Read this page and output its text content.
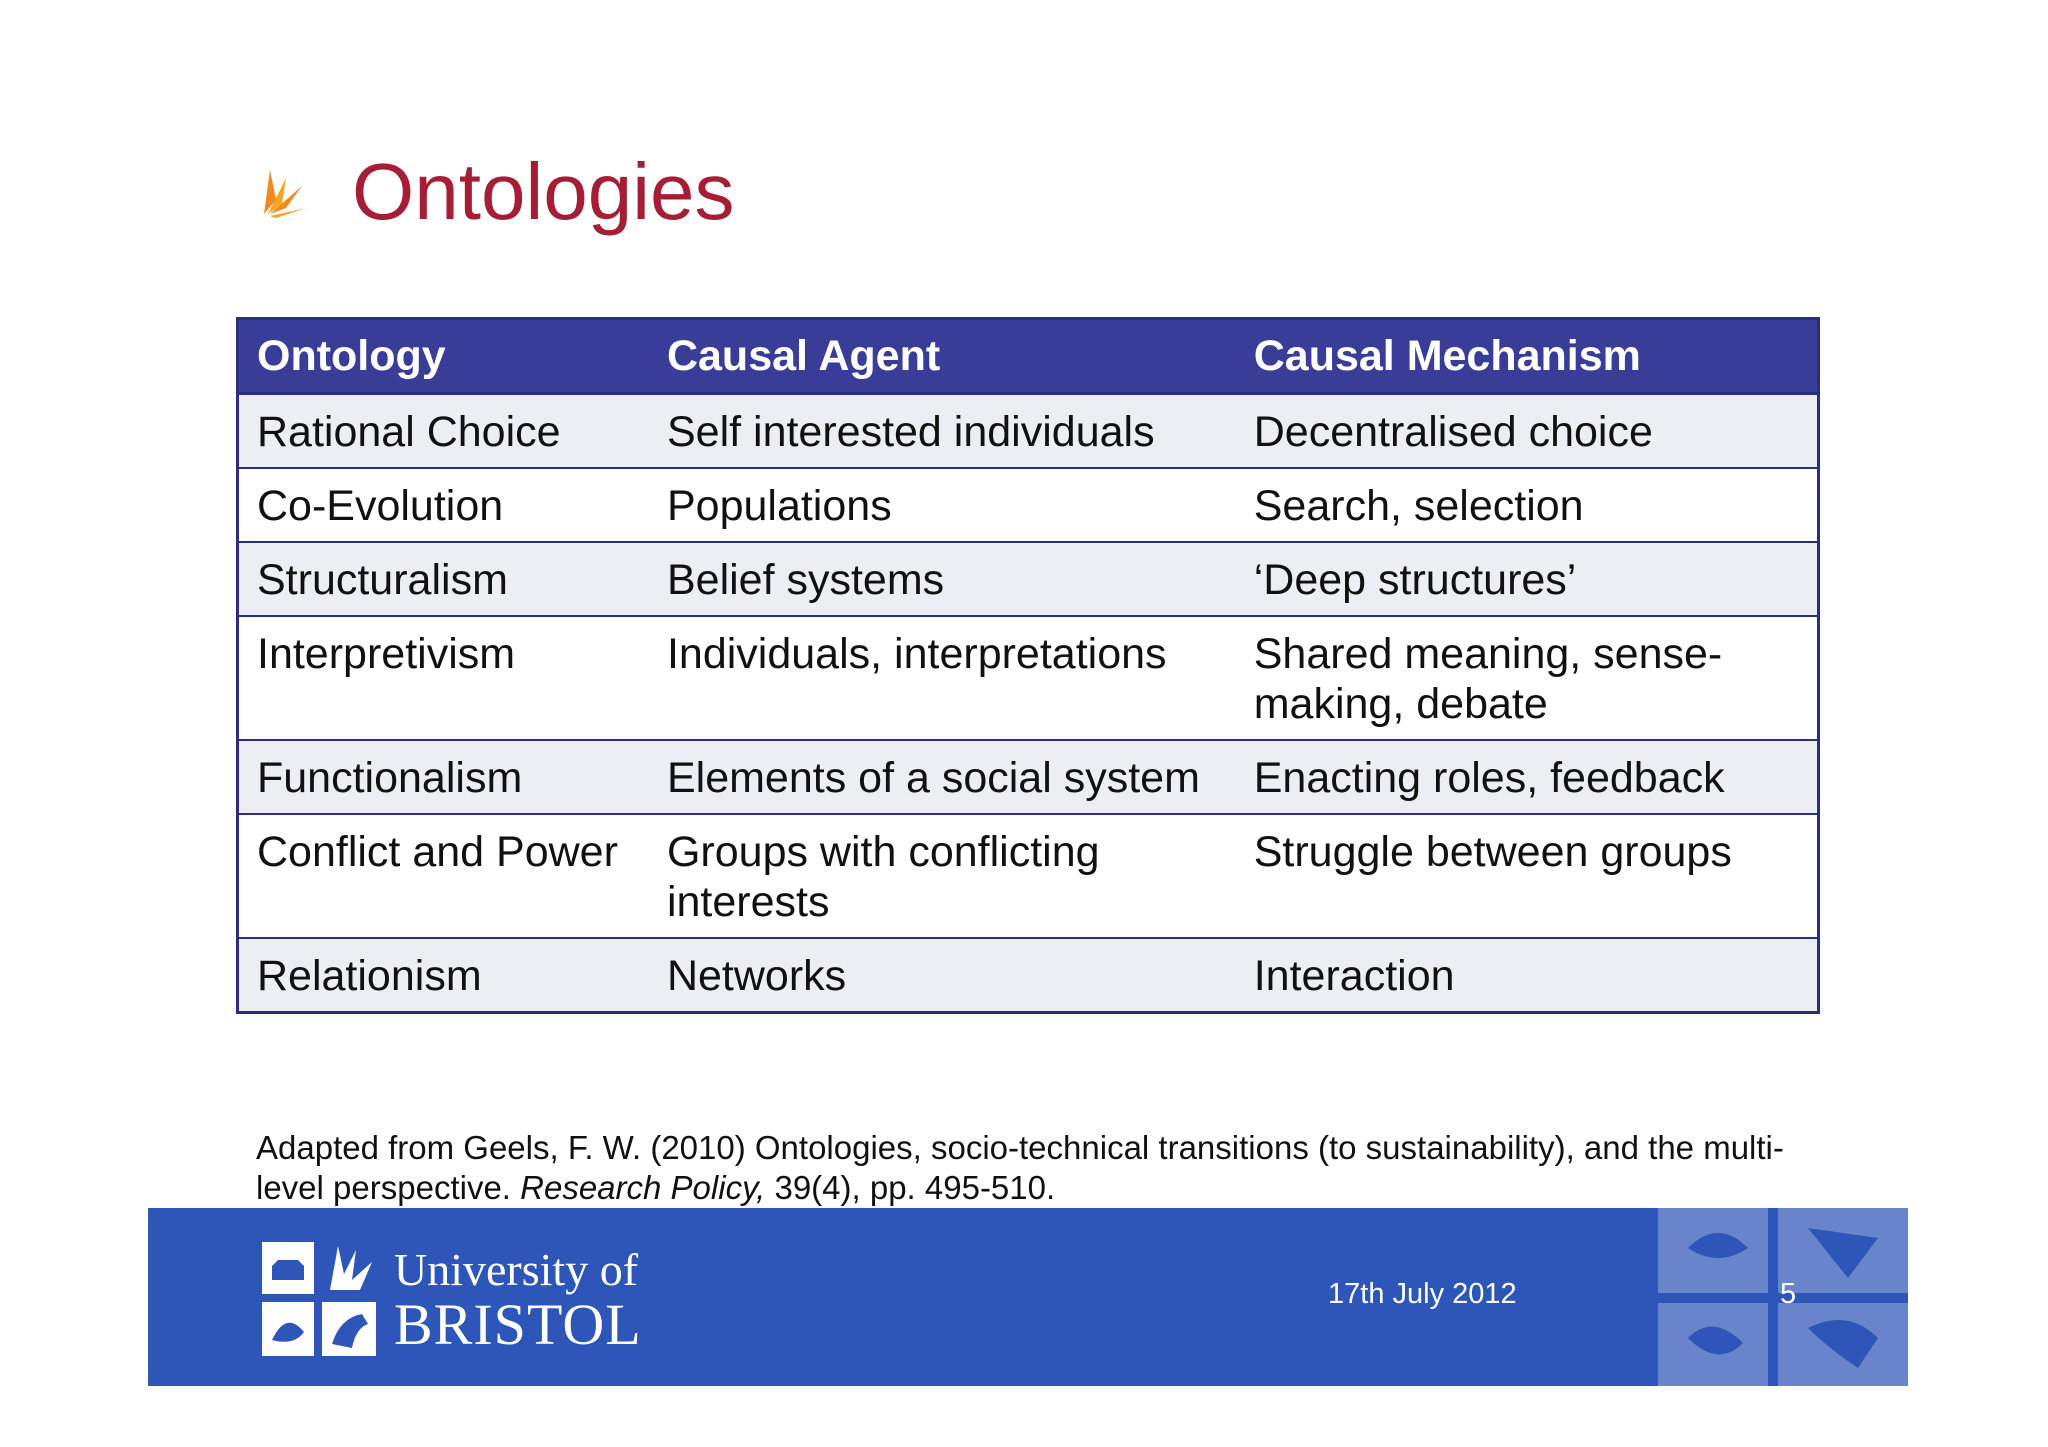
Ontologies
Ontology	Causal Agent	Causal Mechanism
Rational Choice	Self interested individuals	Decentralised choice
Co-Evolution	Populations	Search, selection
Structuralism	Belief systems	‘Deep structures’
Interpretivism	Individuals, interpretations	Shared meaning, sense-making, debate
Functionalism	Elements of a social system	Enacting roles, feedback
Conflict and Power	Groups with conflicting interests	Struggle between groups
Relationism	Networks	Interaction
Adapted from Geels, F. W. (2010) Ontologies, socio-technical transitions (to sustainability), and the multi-level perspective. Research Policy, 39(4), pp. 495-510.
University of
BRISTOL	17th July 2012	5
